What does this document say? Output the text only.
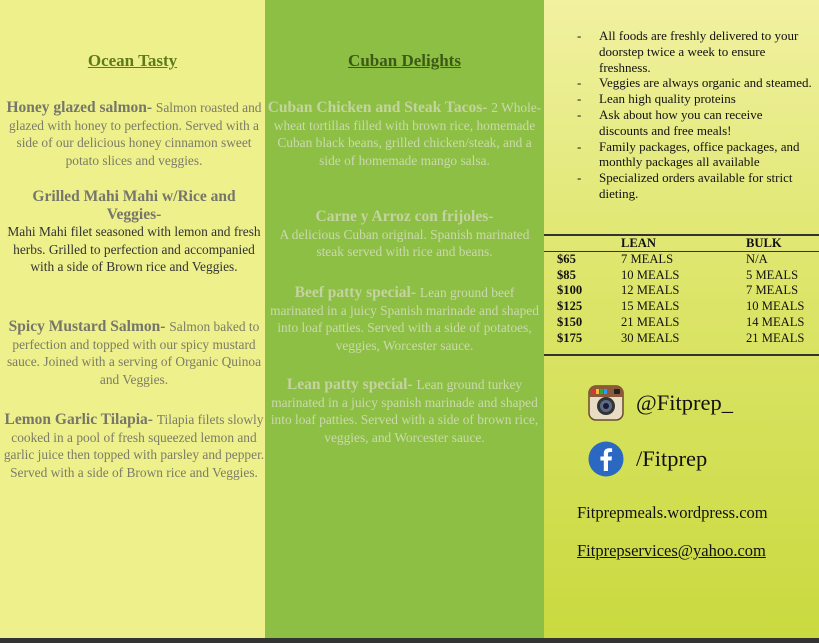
Ocean Tasty
Honey glazed salmon- Salmon roasted and glazed with honey to perfection. Served with a side of our delicious honey cinnamon sweet potato slices and veggies.
Grilled Mahi Mahi w/Rice and Veggies-
Mahi Mahi filet seasoned with lemon and fresh herbs. Grilled to perfection and accompanied with a side of Brown rice and Veggies.
Spicy Mustard Salmon- Salmon baked to perfection and topped with our spicy mustard sauce. Joined with a serving of Organic Quinoa and Veggies.
Lemon Garlic Tilapia- Tilapia filets slowly cooked in a pool of fresh squeezed lemon and garlic juice then topped with parsley and pepper. Served with a side of Brown rice and Veggies.
Cuban Delights
Cuban Chicken and Steak Tacos- 2 Whole-wheat tortillas filled with brown rice, homemade Cuban black beans, grilled chicken/steak, and a side of homemade mango salsa.
Carne y Arroz con frijoles-
A delicious Cuban original. Spanish marinated steak served with rice and beans.
Beef patty special- Lean ground beef marinated in a juicy Spanish marinade and shaped into loaf patties. Served with a side of potatoes, veggies, Worcester sauce.
Lean patty special- Lean ground turkey marinated in a juicy spanish marinade and shaped into loaf patties. Served with a side of brown rice, veggies, and Worcester sauce.
- All foods are freshly delivered to your doorstep twice a week to ensure freshness.
- Veggies are always organic and steamed.
- Lean high quality proteins
- Ask about how you can receive discounts and free meals!
- Family packages, office packages, and monthly packages all available
- Specialized orders available for strict dieting.
	LEAN	BULK
$65	7 MEALS	N/A
$85	10 MEALS	5 MEALS
$100	12 MEALS	7 MEALS
$125	15 MEALS	10 MEALS
$150	21 MEALS	14 MEALS
$175	30 MEALS	21 MEALS
@Fitprep_
/Fitprep
Fitprepmeals.wordpress.com
Fitprepservices@yahoo.com
